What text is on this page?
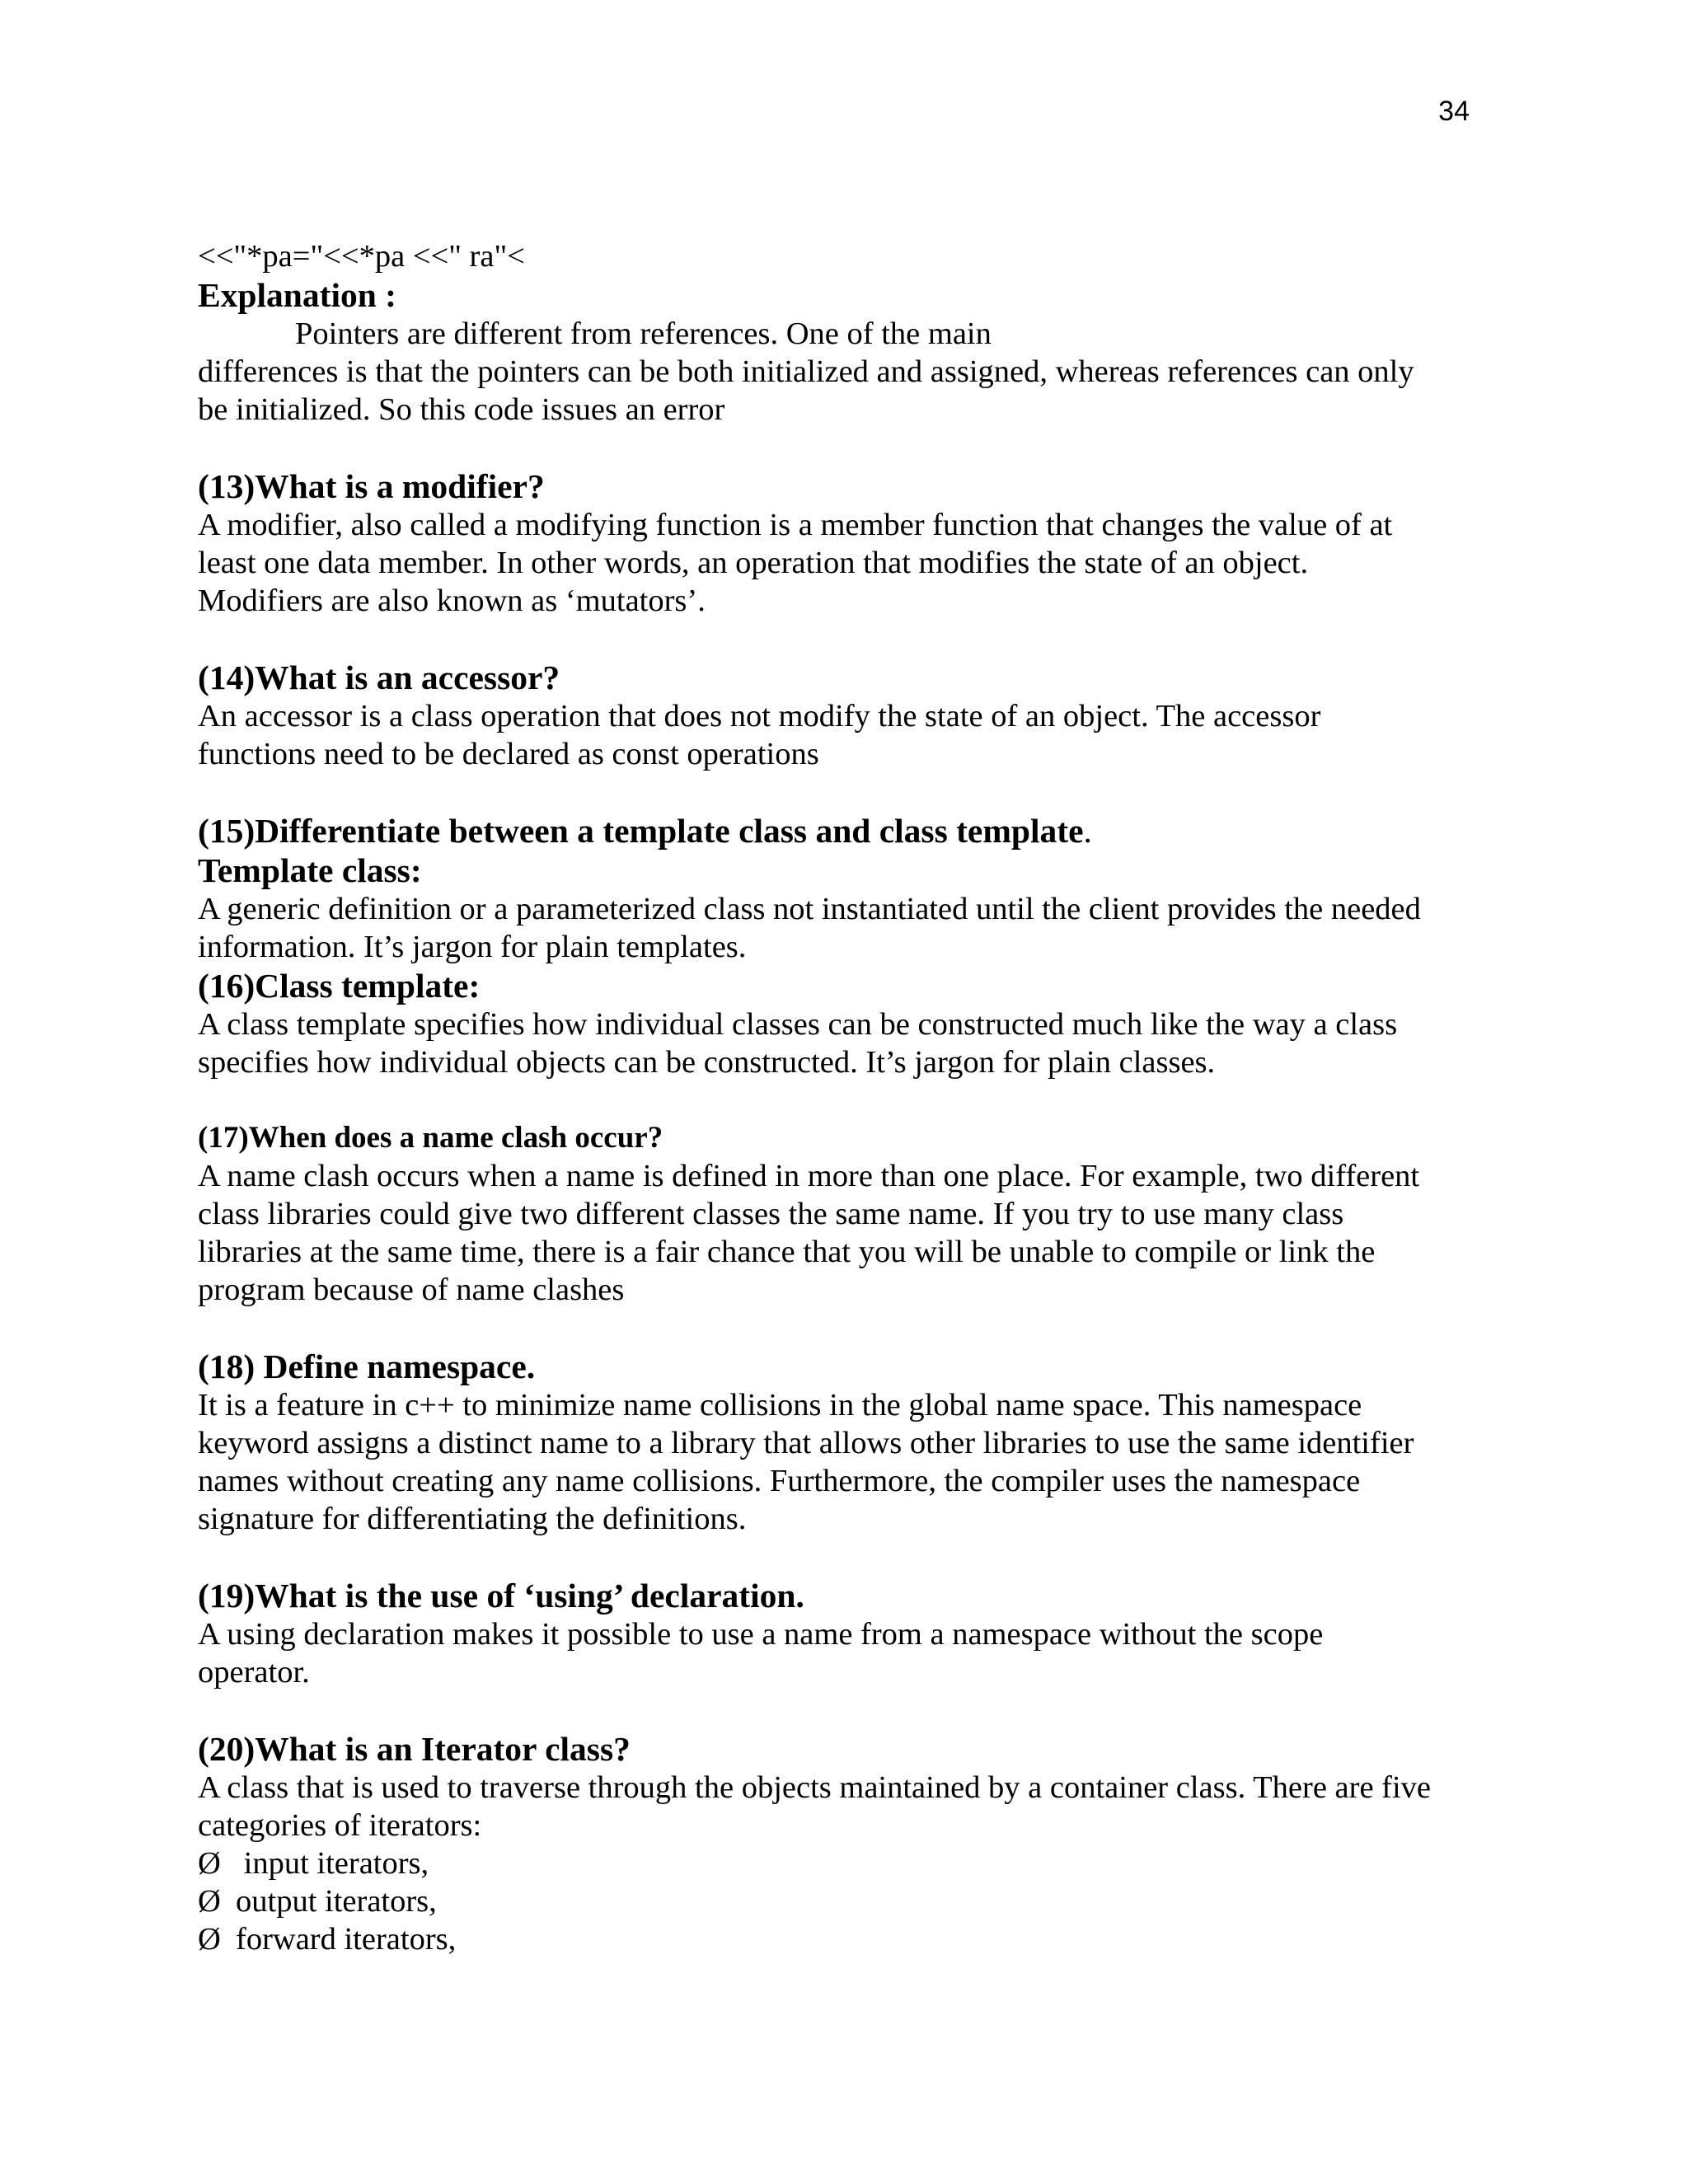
34

<<"*pa="<<*pa <<" ra"<

Explanation :

Pointers are different from references. One of the main

differences is that the pointers can be both initialized and assigned, whereas references can only

be initialized. So this code issues an error

(13)What is a modifier?

A modifier, also called a modifying function is a member function that changes the value of at

least one data member. In other words, an operation that modifies the state of an object.

Modifiers are also known as ‘mutators’.

(14)What is an accessor?

An accessor is a class operation that does not modify the state of an object. The accessor

functions need to be declared as const operations

(15)Differentiate between a template class and class template.

Template class:

A generic definition or a parameterized class not instantiated until the client provides the needed

information. It’s jargon for plain templates.

(16)Class template:

A class template specifies how individual classes can be constructed much like the way a class

specifies how individual objects can be constructed. It’s jargon for plain classes.

(17)When does a name clash occur?

A name clash occurs when a name is defined in more than one place. For example, two different

class libraries could give two different classes the same name. If you try to use many class

libraries at the same time, there is a fair chance that you will be unable to compile or link the

program because of name clashes

(18) Define namespace.

It is a feature in c++ to minimize name collisions in the global name space. This namespace

keyword assigns a distinct name to a library that allows other libraries to use the same identifier

names without creating any name collisions. Furthermore, the compiler uses the namespace

signature for differentiating the definitions.

(19)What is the use of ‘using’ declaration.

A using declaration makes it possible to use a name from a namespace without the scope

operator.

(20)What is an Iterator class?

A class that is used to traverse through the objects maintained by a container class. There are five

categories of iterators:

Ø input iterators,
Ø output iterators,
Ø forward iterators,
